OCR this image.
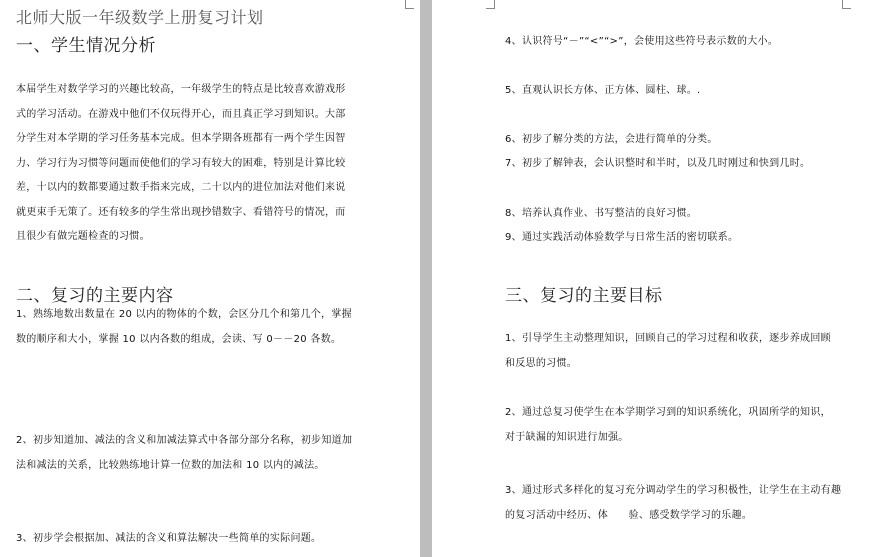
北师大版一年级数学上册复习计划
一、学生情况分析

本届学生对数学学习的兴趣比较高，一年级学生的特点是比较喜欢游戏形式的学习活动。在游戏中他们不仅玩得开心，而且真正学习到知识。大部分学生对本学期的学习任务基本完成。但本学期各班都有一两个学生因智力、学习行为习惯等问题而使他们的学习有较大的困难，特别是计算比较差，十以内的数都要通过数手指来完成，二十以内的进位加法对他们来说就更束手无策了。还有较多的学生常出现抄错数字、看错符号的情况，而且很少有做完题检查的习惯。

二、复习的主要内容

1、熟练地数出数量在 20 以内的物体的个数，会区分几个和第几个，掌握数的顺序和大小，掌握 10 以内各数的组成，会读、写 0－－20 各数。

2、初步知道加、减法的含义和加减法算式中各部分部分名称，初步知道加法和减法的关系，比较熟练地计算一位数的加法和 10 以内的减法。

3、初步学会根据加、减法的含义和算法解决一些简单的实际问题。

4、认识符号“－”“<”“>”，会使用这些符号表示数的大小。

5、直观认识长方体、正方体、圆柱、球。.

6、初步了解分类的方法，会进行简单的分类。

7、初步了解钟表，会认识整时和半时，以及几时刚过和快到几时。

8、培养认真作业、书写整洁的良好习惯。

9、通过实践活动体验数学与日常生活的密切联系。

三、复习的主要目标

1、引导学生主动整理知识，回顾自己的学习过程和收获，逐步养成回顾和反思的习惯。

2、通过总复习使学生在本学期学习到的知识系统化，巩固所学的知识，对于缺漏的知识进行加强。

3、通过形式多样化的复习充分调动学生的学习积极性，让学生在主动有趣的复习活动中经历、体　　验、感受数学学习的乐趣。
